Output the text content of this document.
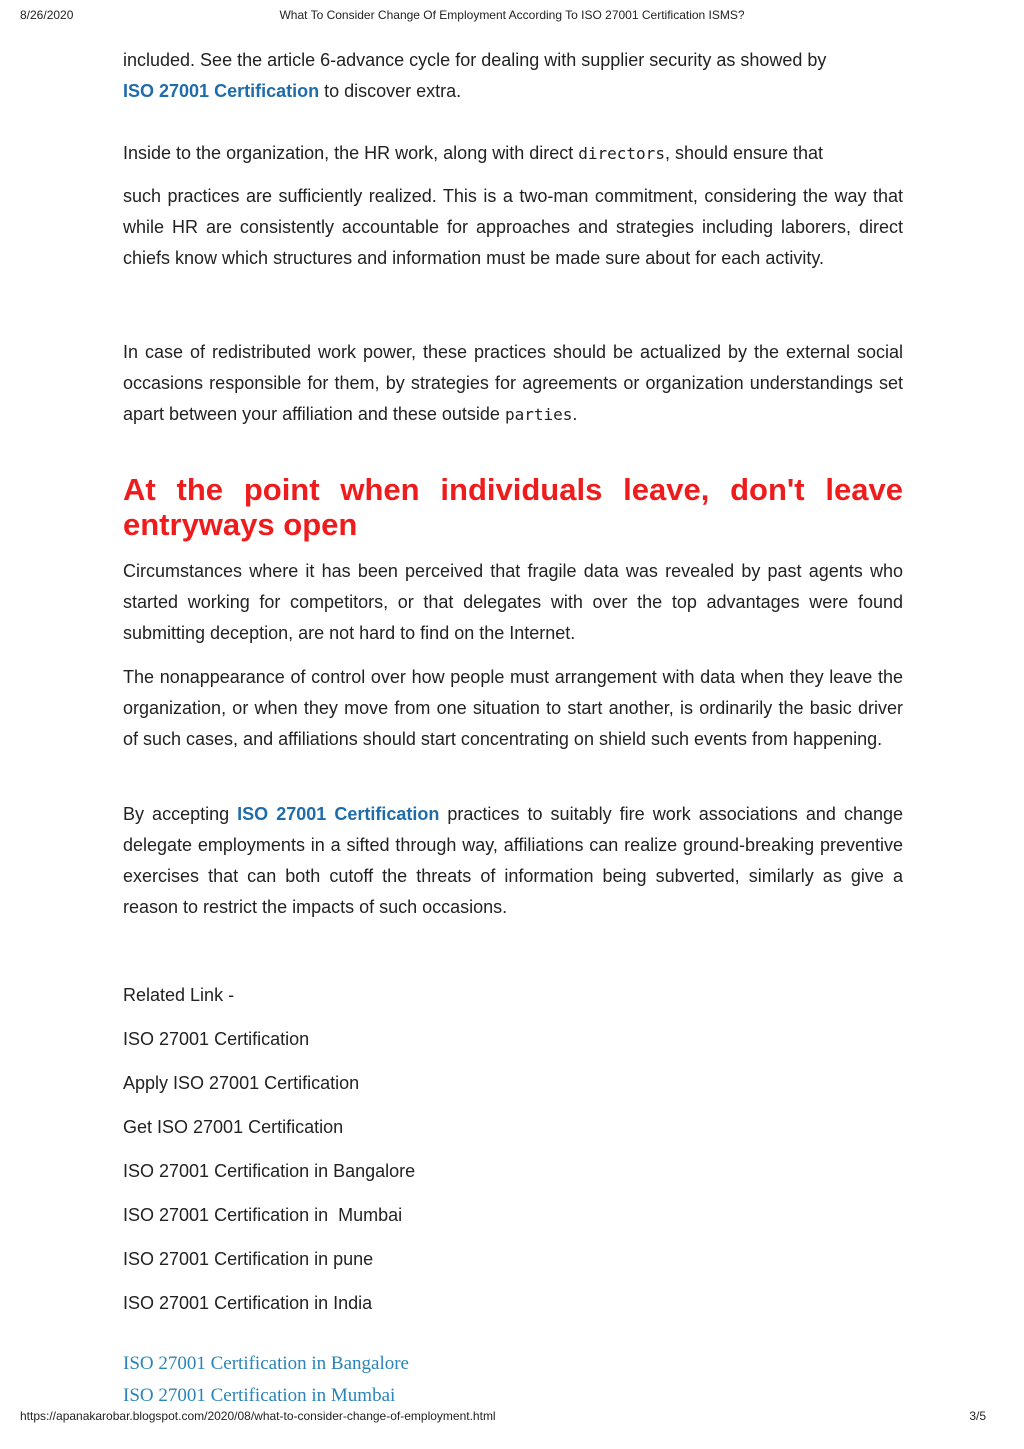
8/26/2020	What To Consider Change Of Employment According To ISO 27001 Certification ISMS?
included. See the article 6-advance cycle for dealing with supplier security as showed by
ISO 27001 Certification to discover extra.
Inside to the organization, the HR work, along with direct directors, should ensure that
such practices are sufficiently realized. This is a two-man commitment, considering the way that while HR are consistently accountable for approaches and strategies including laborers, direct chiefs know which structures and information must be made sure about for each activity.
In case of redistributed work power, these practices should be actualized by the external social occasions responsible for them, by strategies for agreements or organization understandings set apart between your affiliation and these outside parties.
At the point when individuals leave, don't leave entryways open
Circumstances where it has been perceived that fragile data was revealed by past agents who started working for competitors, or that delegates with over the top advantages were found submitting deception, are not hard to find on the Internet.
The nonappearance of control over how people must arrangement with data when they leave the organization, or when they move from one situation to start another, is ordinarily the basic driver of such cases, and affiliations should start concentrating on shield such events from happening.
By accepting ISO 27001 Certification practices to suitably fire work associations and change delegate employments in a sifted through way, affiliations can realize ground-breaking preventive exercises that can both cutoff the threats of information being subverted, similarly as give a reason to restrict the impacts of such occasions.
Related Link -
ISO 27001 Certification
Apply ISO 27001 Certification
Get ISO 27001 Certification
ISO 27001 Certification in Bangalore
ISO 27001 Certification in  Mumbai
ISO 27001 Certification in pune
ISO 27001 Certification in India
ISO 27001 Certification in Bangalore
ISO 27001 Certification in Mumbai
https://apanakarobar.blogspot.com/2020/08/what-to-consider-change-of-employment.html	3/5
